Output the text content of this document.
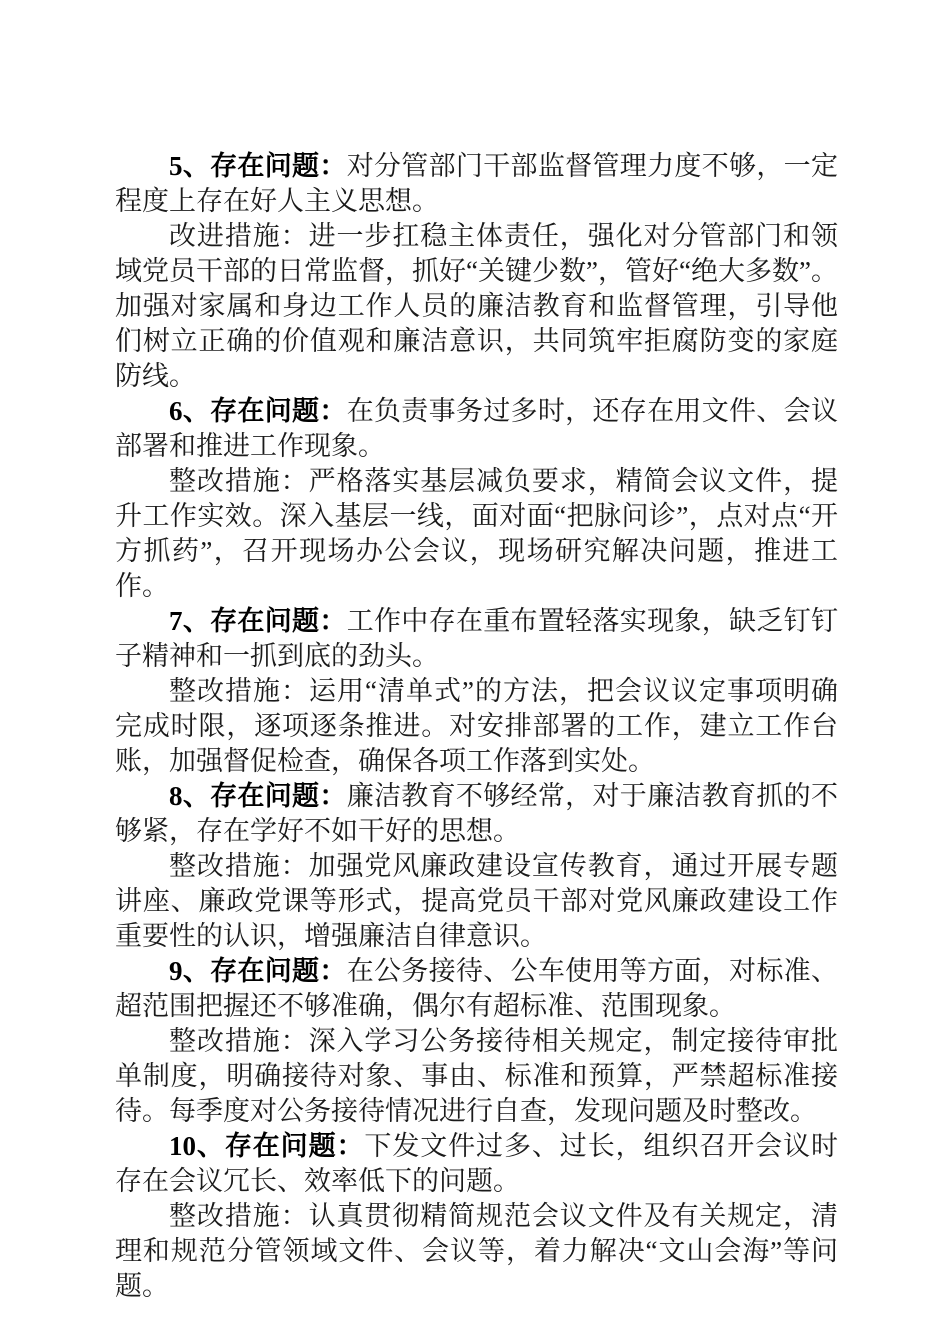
5、存在问题：对分管部门干部监督管理力度不够，一定程度上存在好人主义思想。

改进措施：进一步扛稳主体责任，强化对分管部门和领域党员干部的日常监督，抓好“关键少数”，管好“绝大多数”。加强对家属和身边工作人员的廉洁教育和监督管理，引导他们树立正确的价值观和廉洁意识，共同筑牢拒腐防变的家庭防线。

6、存在问题：在负责事务过多时，还存在用文件、会议部署和推进工作现象。

整改措施：严格落实基层减负要求，精简会议文件，提升工作实效。深入基层一线，面对面“把脉问诊”，点对点“开方抓药”，召开现场办公会议，现场研究解决问题，推进工作。

7、存在问题：工作中存在重布置轻落实现象，缺乏钉钉子精神和一抓到底的劲头。

整改措施：运用“清单式”的方法，把会议议定事项明确完成时限，逐项逐条推进。对安排部署的工作，建立工作台账，加强督促检查，确保各项工作落到实处。

8、存在问题：廉洁教育不够经常，对于廉洁教育抓的不够紧，存在学好不如干好的思想。

整改措施：加强党风廉政建设宣传教育，通过开展专题讲座、廉政党课等形式，提高党员干部对党风廉政建设工作重要性的认识，增强廉洁自律意识。

9、存在问题：在公务接待、公车使用等方面，对标准、超范围把握还不够准确，偶尔有超标准、范围现象。

整改措施：深入学习公务接待相关规定，制定接待审批单制度，明确接待对象、事由、标准和预算，严禁超标准接待。每季度对公务接待情况进行自查，发现问题及时整改。

10、存在问题：下发文件过多、过长，组织召开会议时存在会议冗长、效率低下的问题。

整改措施：认真贯彻精简规范会议文件及有关规定，清理和规范分管领域文件、会议等，着力解决“文山会海”等问题。
